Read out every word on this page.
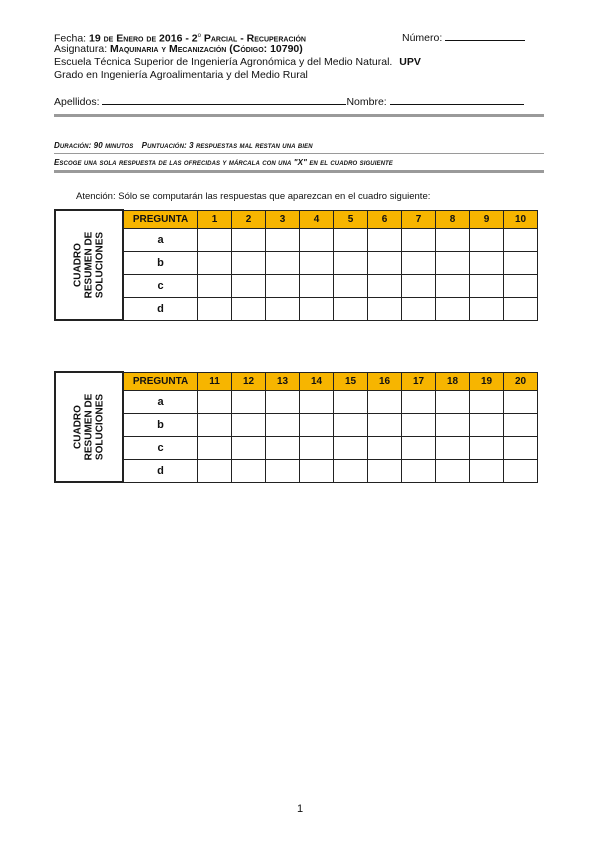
Fecha: 19 de Enero de 2016 - 2$^o$ Parcial - Recuperación	Número:
Asignatura: Maquinaria y Mecanización (Código: 10790)
Escuela Técnica Superior de Ingeniería Agronómica y del Medio Natural. UPV
Grado en Ingeniería Agroalimentaria y del Medio Rural
Apellidos:	Nombre:
Duración: 90 minutos Puntuación: 3 respuestas mal restan una bien
Escoge una sola respuesta de las ofrecidas y márcala con una "X" en el cuadro siguiente
Atención: Sólo se computarán las respuestas que aparezcan en el cuadro siguiente:
CUADRO RESUMEN DE SOLUCIONES	PREGUNTA	1	2	3	4	5	6	7	8	9	10
	a										
	b										
	c										
	d										
CUADRO RESUMEN DE SOLUCIONES	PREGUNTA	11	12	13	14	15	16	17	18	19	20
	a										
	b										
	c										
	d										
1
